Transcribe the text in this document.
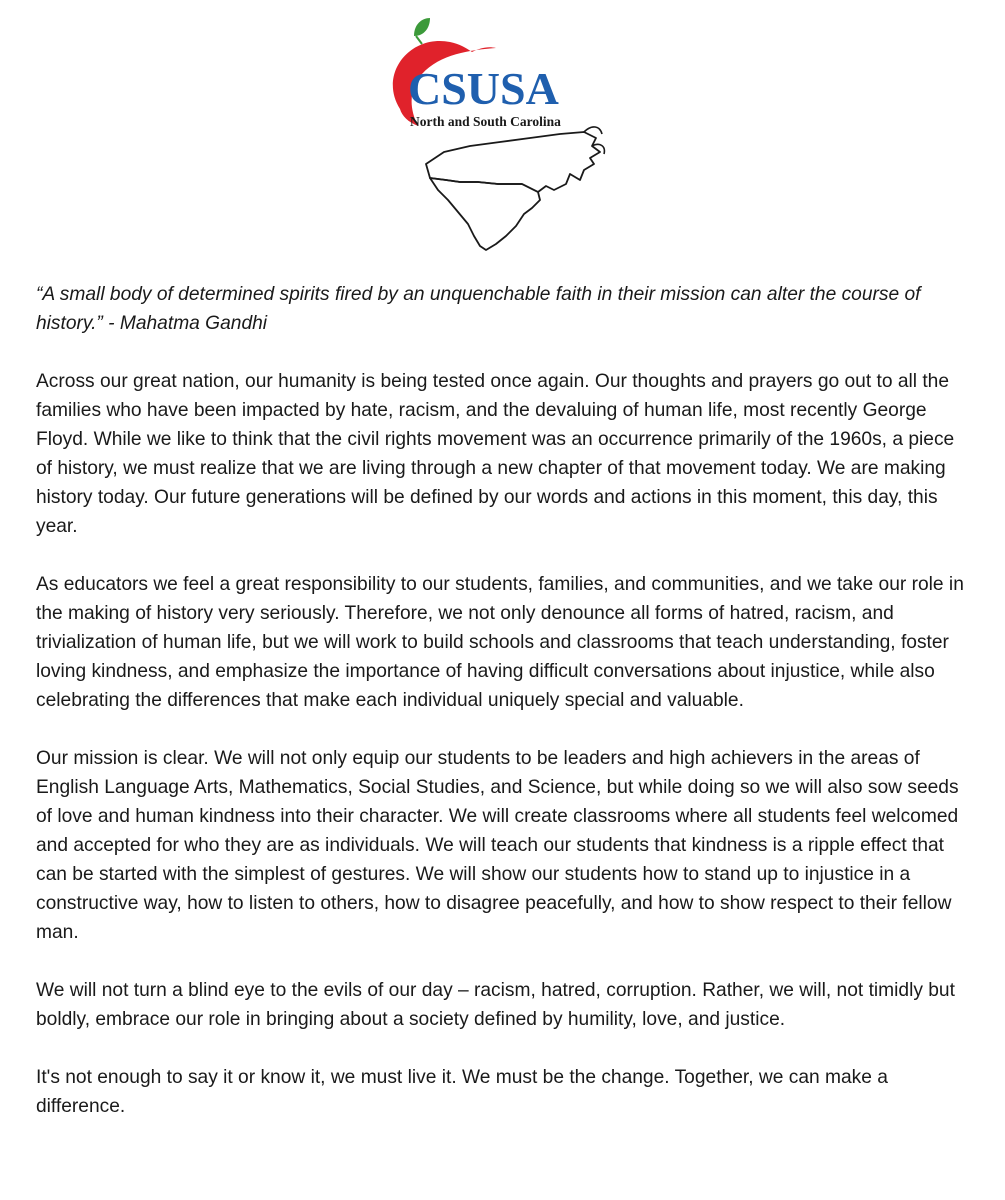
CSUSA
North and South Carolina

“A small body of determined spirits fired by an unquenchable faith in their mission can alter the course of history.” - Mahatma Gandhi

Across our great nation, our humanity is being tested once again. Our thoughts and prayers go out to all the families who have been impacted by hate, racism, and the devaluing of human life, most recently George Floyd. While we like to think that the civil rights movement was an occurrence primarily of the 1960s, a piece of history, we must realize that we are living through a new chapter of that movement today. We are making history today. Our future generations will be defined by our words and actions in this moment, this day, this year.

As educators we feel a great responsibility to our students, families, and communities, and we take our role in the making of history very seriously. Therefore, we not only denounce all forms of hatred, racism, and trivialization of human life, but we will work to build schools and classrooms that teach understanding, foster loving kindness, and emphasize the importance of having difficult conversations about injustice, while also celebrating the differences that make each individual uniquely special and valuable.

Our mission is clear. We will not only equip our students to be leaders and high achievers in the areas of English Language Arts, Mathematics, Social Studies, and Science, but while doing so we will also sow seeds of love and human kindness into their character. We will create classrooms where all students feel welcomed and accepted for who they are as individuals. We will teach our students that kindness is a ripple effect that can be started with the simplest of gestures. We will show our students how to stand up to injustice in a constructive way, how to listen to others, how to disagree peacefully, and how to show respect to their fellow man.

We will not turn a blind eye to the evils of our day – racism, hatred, corruption. Rather, we will, not timidly but boldly, embrace our role in bringing about a society defined by humility, love, and justice.

It's not enough to say it or know it, we must live it. We must be the change. Together, we can make a difference.
